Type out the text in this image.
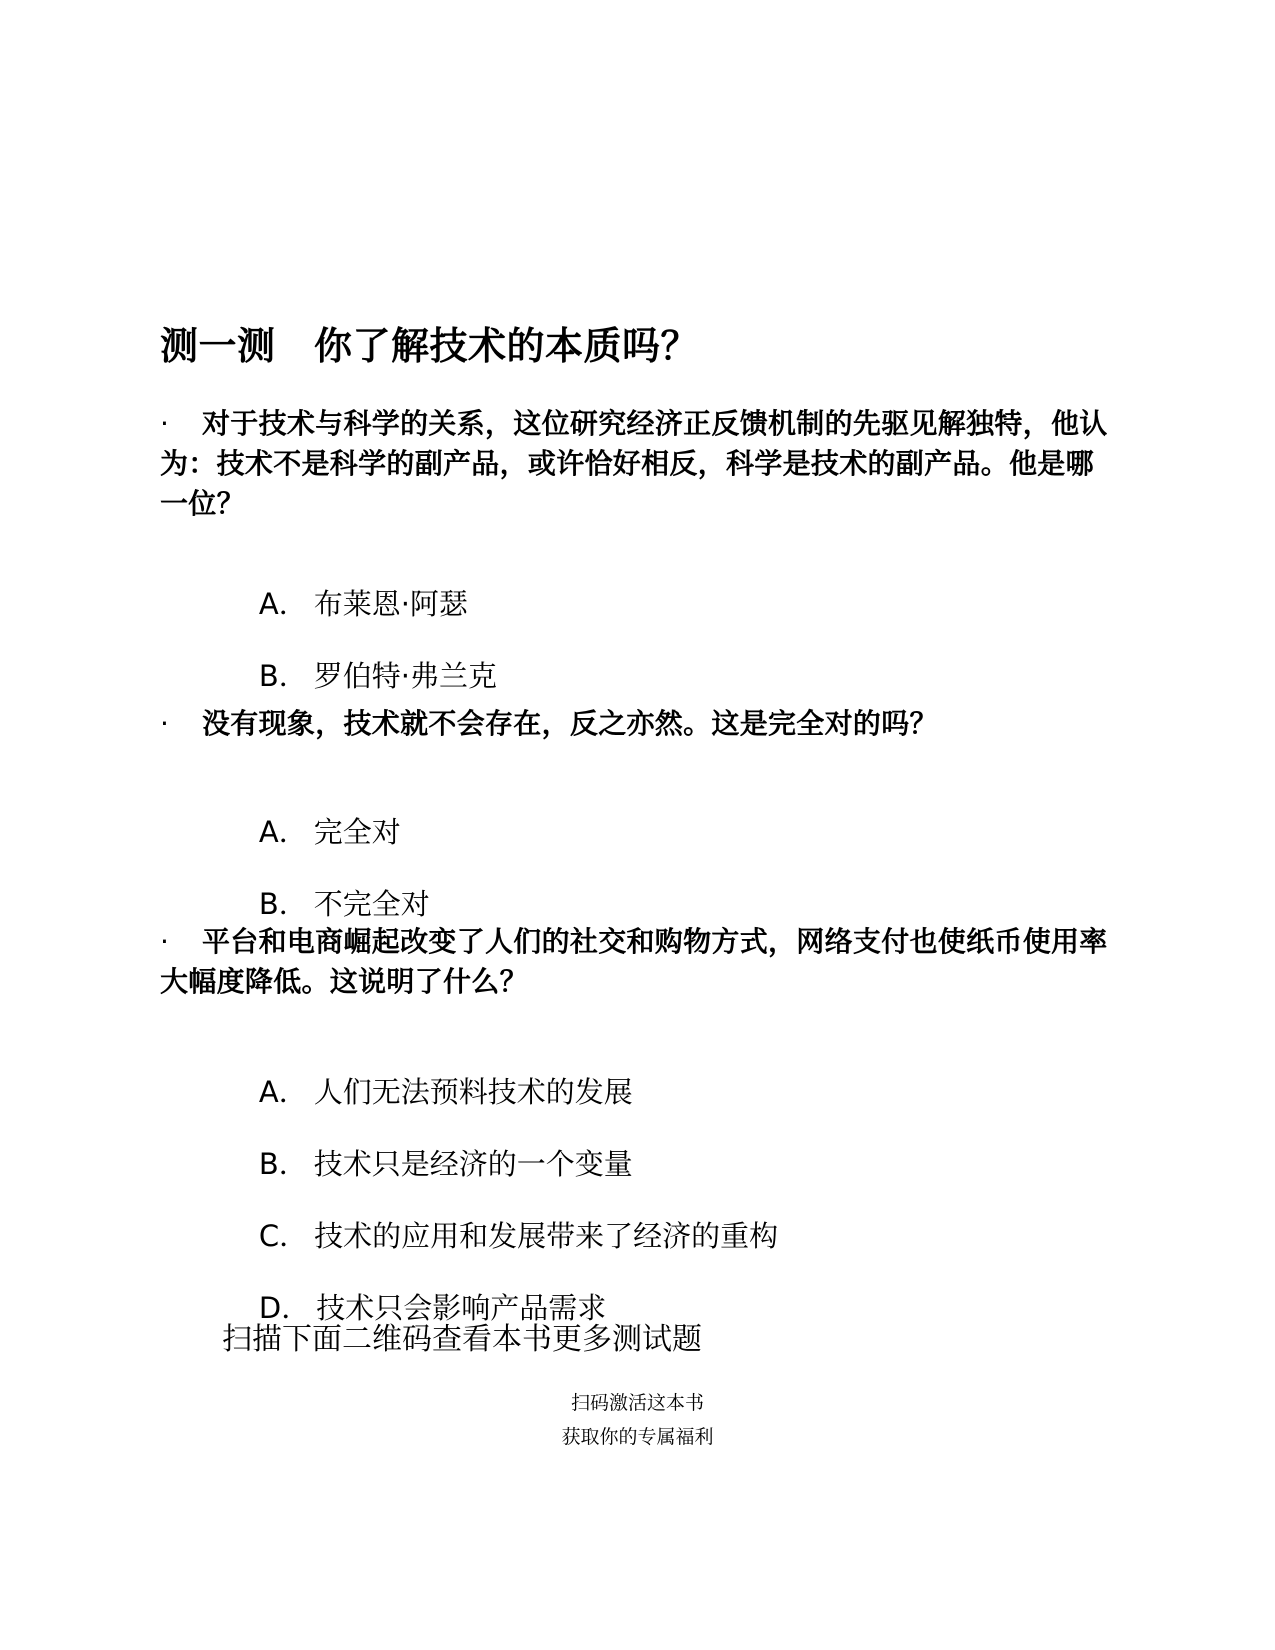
测一测　你了解技术的本质吗？
· 对于技术与科学的关系，这位研究经济正反馈机制的先驱见解独特，他认为：技术不是科学的副产品，或许恰好相反，科学是技术的副产品。他是哪一位？

A． 布莱恩·阿瑟

B． 罗伯特·弗兰克

· 没有现象，技术就不会存在，反之亦然。这是完全对的吗？

A． 完全对

B． 不完全对

· 平台和电商崛起改变了人们的社交和购物方式，网络支付也使纸币使用率大幅度降低。这说明了什么？

A． 人们无法预料技术的发展

B． 技术只是经济的一个变量

C． 技术的应用和发展带来了经济的重构

D． 技术只会影响产品需求

扫描下面二维码查看本书更多测试题
扫码激活这本书
获取你的专属福利
